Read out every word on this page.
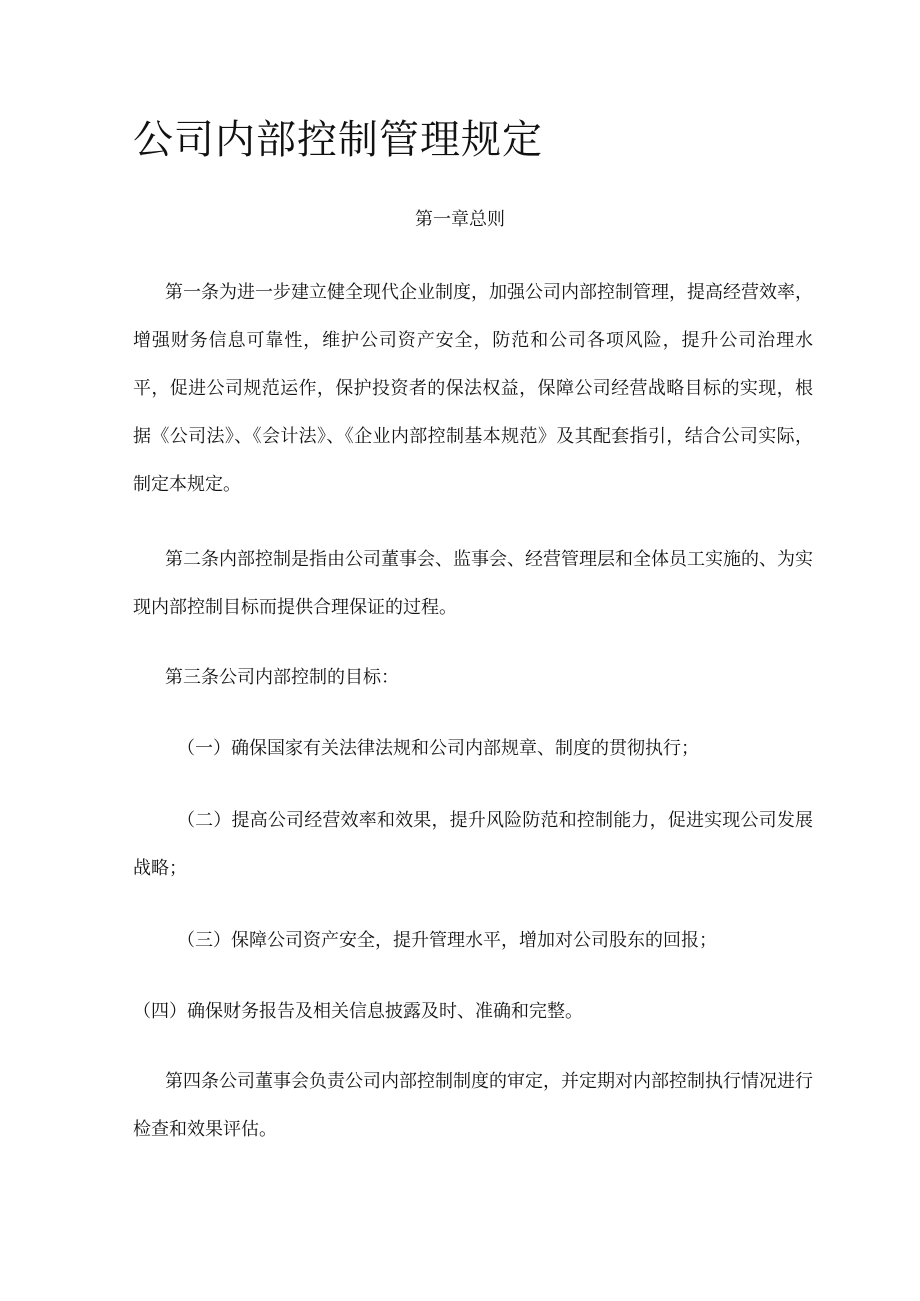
公司内部控制管理规定
第一章总则

第一条为进一步建立健全现代企业制度，加强公司内部控制管理，提高经营效率，增强财务信息可靠性，维护公司资产安全，防范和公司各项风险，提升公司治理水平，促进公司规范运作，保护投资者的保法权益，保障公司经营战略目标的实现，根据《公司法》、《会计法》、《企业内部控制基本规范》及其配套指引，结合公司实际，制定本规定。

第二条内部控制是指由公司董事会、监事会、经营管理层和全体员工实施的、为实现内部控制目标而提供合理保证的过程。

第三条公司内部控制的目标：

（一）确保国家有关法律法规和公司内部规章、制度的贯彻执行；

（二）提高公司经营效率和效果，提升风险防范和控制能力，促进实现公司发展战略；

（三）保障公司资产安全，提升管理水平，增加对公司股东的回报；

（四）确保财务报告及相关信息披露及时、准确和完整。

第四条公司董事会负责公司内部控制制度的审定，并定期对内部控制执行情况进行检查和效果评估。
